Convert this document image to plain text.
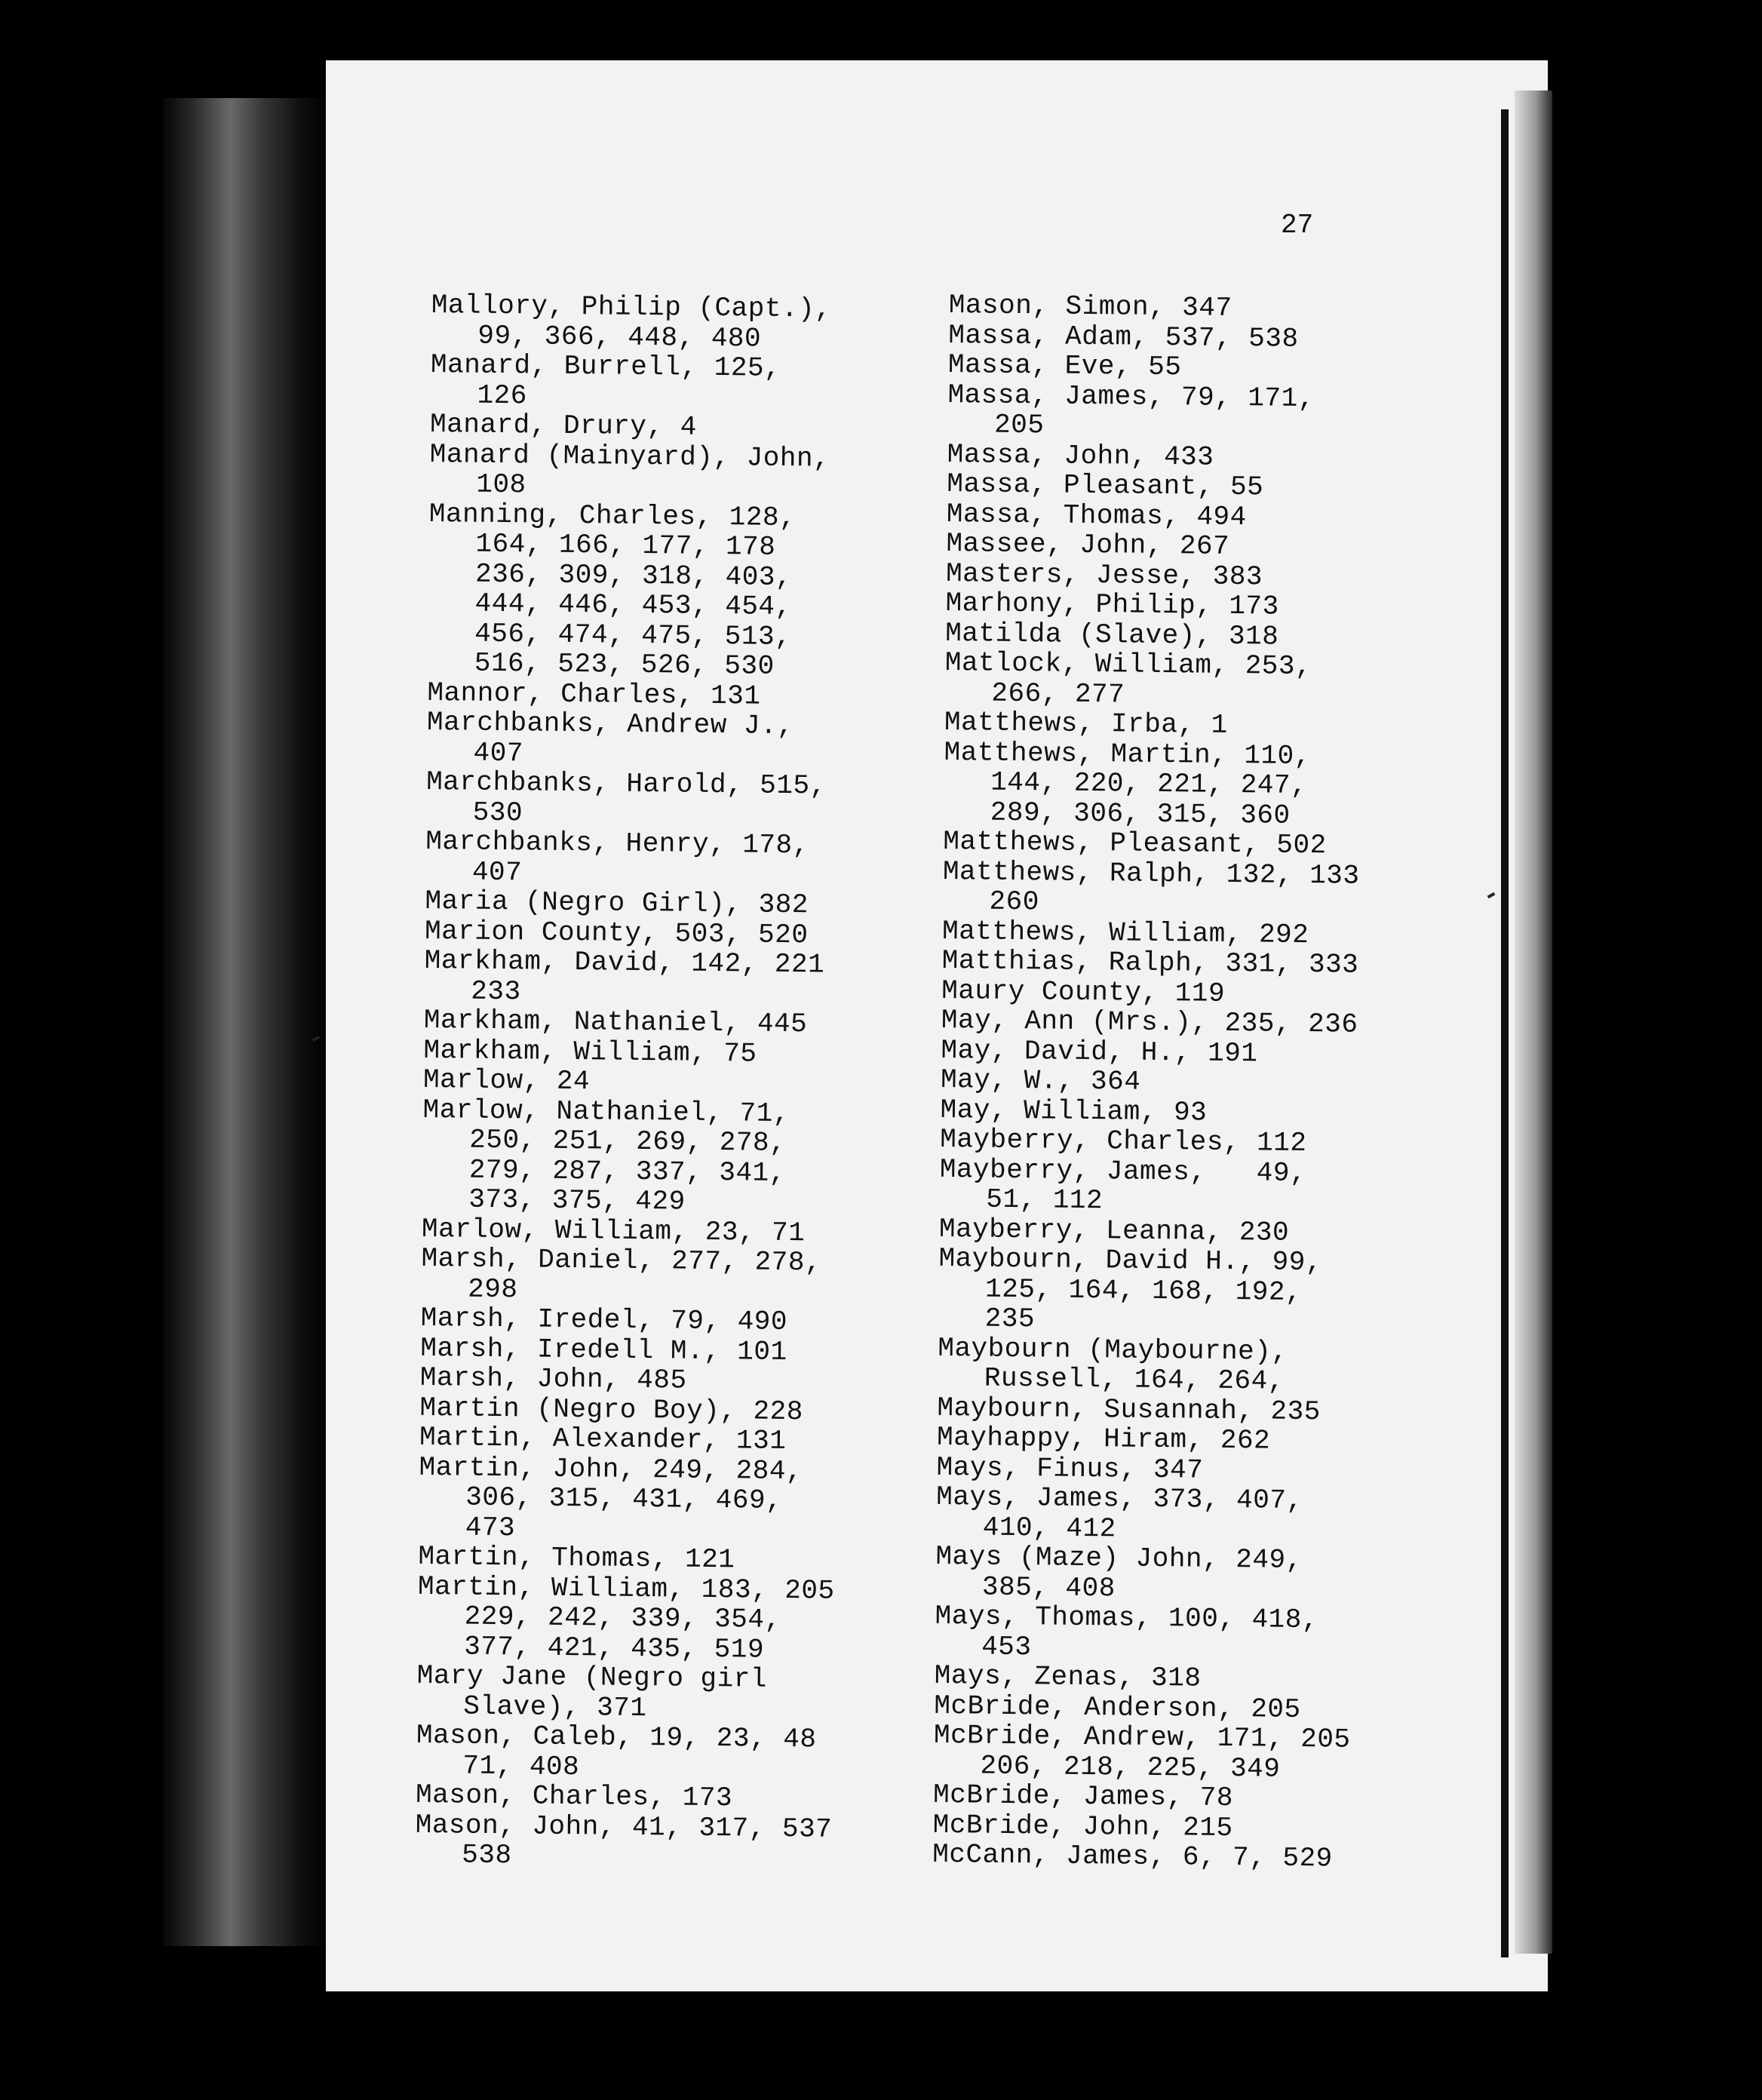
27
Mallory, Philip (Capt.),
99, 366, 448, 480
Manard, Burrell, 125,
126
Manard, Drury, 4
Manard (Mainyard), John,
108
Manning, Charles, 128,
164, 166, 177, 178
236, 309, 318, 403,
444, 446, 453, 454,
456, 474, 475, 513,
516, 523, 526, 530
Mannor, Charles, 131
Marchbanks, Andrew J.,
407
Marchbanks, Harold, 515,
530
Marchbanks, Henry, 178,
407
Maria (Negro Girl), 382
Marion County, 503, 520
Markham, David, 142, 221
233
Markham, Nathaniel, 445
Markham, William, 75
Marlow, 24
Marlow, Nathaniel, 71,
250, 251, 269, 278,
279, 287, 337, 341,
373, 375, 429
Marlow, William, 23, 71
Marsh, Daniel, 277, 278,
298
Marsh, Iredel, 79, 490
Marsh, Iredell M., 101
Marsh, John, 485
Martin (Negro Boy), 228
Martin, Alexander, 131
Martin, John, 249, 284,
306, 315, 431, 469,
473
Martin, Thomas, 121
Martin, William, 183, 205
229, 242, 339, 354,
377, 421, 435, 519
Mary Jane (Negro girl
Slave), 371
Mason, Caleb, 19, 23, 48
71, 408
Mason, Charles, 173
Mason, John, 41, 317, 537
538
Mason, Simon, 347
Massa, Adam, 537, 538
Massa, Eve, 55
Massa, James, 79, 171,
205
Massa, John, 433
Massa, Pleasant, 55
Massa, Thomas, 494
Massee, John, 267
Masters, Jesse, 383
Marhony, Philip, 173
Matilda (Slave), 318
Matlock, William, 253,
266, 277
Matthews, Irba, 1
Matthews, Martin, 110,
144, 220, 221, 247,
289, 306, 315, 360
Matthews, Pleasant, 502
Matthews, Ralph, 132, 133
260
Matthews, William, 292
Matthias, Ralph, 331, 333
Maury County, 119
May, Ann (Mrs.), 235, 236
May, David, H., 191
May, W., 364
May, William, 93
Mayberry, Charles, 112
Mayberry, James,   49,
51, 112
Mayberry, Leanna, 230
Maybourn, David H., 99,
125, 164, 168, 192,
235
Maybourn (Maybourne),
Russell, 164, 264,
Maybourn, Susannah, 235
Mayhappy, Hiram, 262
Mays, Finus, 347
Mays, James, 373, 407,
410, 412
Mays (Maze) John, 249,
385, 408
Mays, Thomas, 100, 418,
453
Mays, Zenas, 318
McBride, Anderson, 205
McBride, Andrew, 171, 205
206, 218, 225, 349
McBride, James, 78
McBride, John, 215
McCann, James, 6, 7, 529
